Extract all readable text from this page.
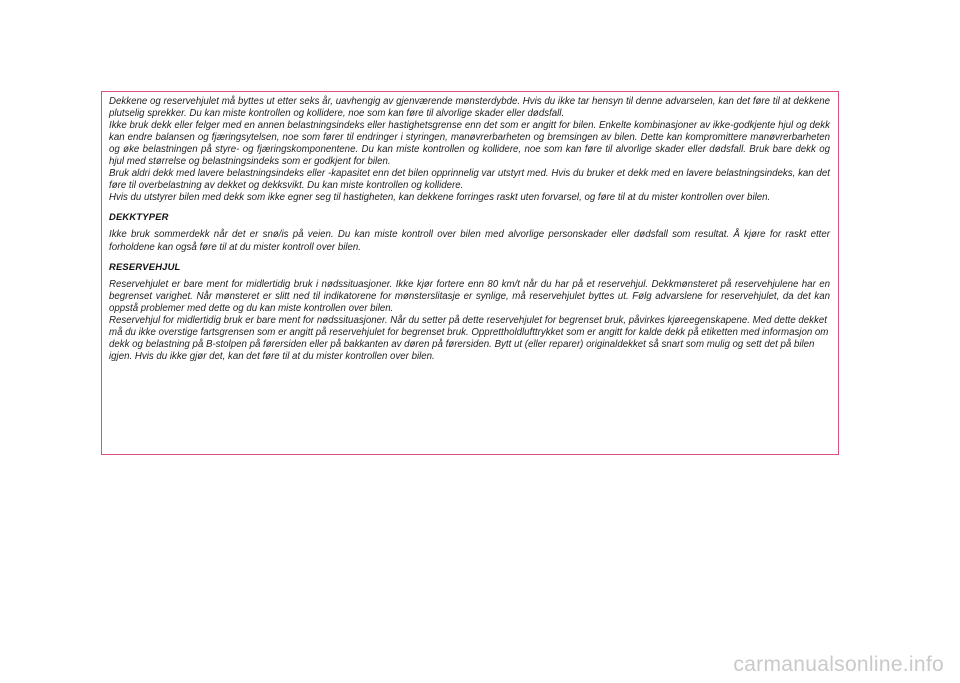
Dekkene og reservehjulet må byttes ut etter seks år, uavhengig av gjenværende mønsterdybde. Hvis du ikke tar hensyn til denne advarselen, kan det føre til at dekkene plutselig sprekker. Du kan miste kontrollen og kollidere, noe som kan føre til alvorlige skader eller dødsfall.

Ikke bruk dekk eller felger med en annen belastningsindeks eller hastighetsgrense enn det som er angitt for bilen. Enkelte kombinasjoner av ikke-godkjente hjul og dekk kan endre balansen og fjæringsytelsen, noe som fører til endringer i styringen, manøvrerbarheten og bremsingen av bilen. Dette kan kompromittere manøvrerbarheten og øke belastningen på styre- og fjæringskomponentene. Du kan miste kontrollen og kollidere, noe som kan føre til alvorlige skader eller dødsfall. Bruk bare dekk og hjul med størrelse og belastningsindeks som er godkjent for bilen.

Bruk aldri dekk med lavere belastningsindeks eller -kapasitet enn det bilen opprinnelig var utstyrt med. Hvis du bruker et dekk med en lavere belastningsindeks, kan det føre til overbelastning av dekket og dekksvikt. Du kan miste kontrollen og kollidere.

Hvis du utstyrer bilen med dekk som ikke egner seg til hastigheten, kan dekkene forringes raskt uten forvarsel, og føre til at du mister kontrollen over bilen.

DEKKTYPER

Ikke bruk sommerdekk når det er snø/is på veien. Du kan miste kontroll over bilen med alvorlige personskader eller dødsfall som resultat. Å kjøre for raskt etter forholdene kan også føre til at du mister kontroll over bilen.

RESERVEHJUL

Reservehjulet er bare ment for midlertidig bruk i nødssituasjoner. Ikke kjør fortere enn 80 km/t når du har på et reservehjul. Dekkmønsteret på reservehjulene har en begrenset varighet. Når mønsteret er slitt ned til indikatorene for mønsterslitasje er synlige, må reservehjulet byttes ut. Følg advarslene for reservehjulet, da det kan oppstå problemer med dette og du kan miste kontrollen over bilen.

Reservehjul for midlertidig bruk er bare ment for nødssituasjoner. Når du setter på dette reservehjulet for begrenset bruk, påvirkes kjøreegenskapene. Med dette dekket må du ikke overstige fartsgrensen som er angitt på reservehjulet for begrenset bruk. Opprettholdlufttrykket som er angitt for kalde dekk på etiketten med informasjon om dekk og belastning på B-stolpen på førersiden eller på bakkanten av døren på førersiden. Bytt ut (eller reparer) originaldekket så snart som mulig og sett det på bilen igjen. Hvis du ikke gjør det, kan det føre til at du mister kontrollen over bilen.

carmanualsonline.info
